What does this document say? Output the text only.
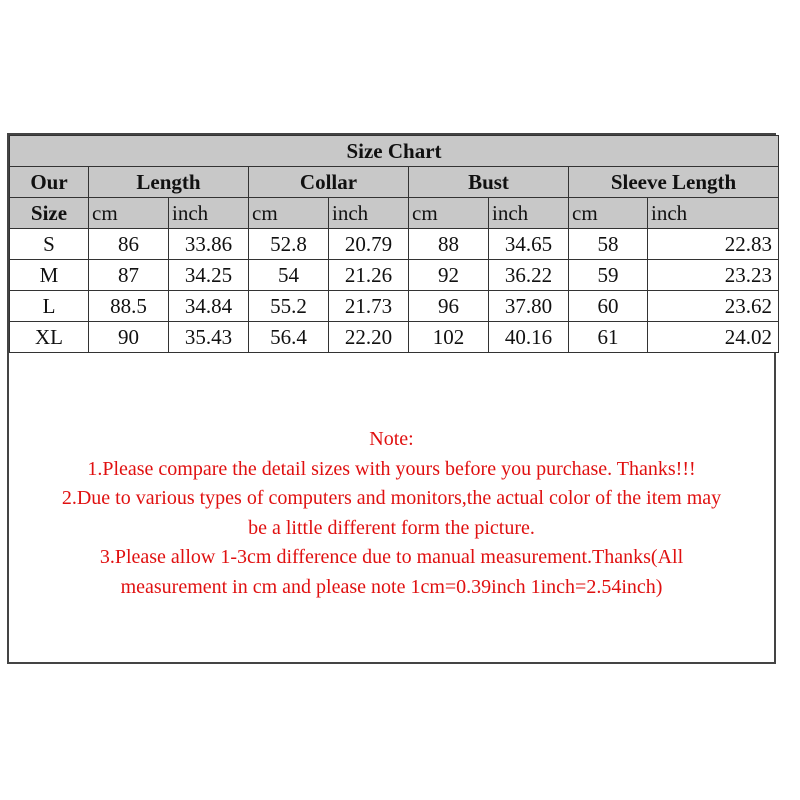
Size Chart								
Our	Length		Collar		Bust		Sleeve Length	
Size	cm	inch	cm	inch	cm	inch	cm	inch
S	86	33.86	52.8	20.79	88	34.65	58	22.83
M	87	34.25	54	21.26	92	36.22	59	23.23
L	88.5	34.84	55.2	21.73	96	37.80	60	23.62
XL	90	35.43	56.4	22.20	102	40.16	61	24.02
Note:
1.Please compare the detail sizes with yours before you purchase. Thanks!!!
2.Due to various types of computers and monitors,the actual color of the item may
be a little different form the picture.
3.Please allow 1-3cm difference due to manual measurement.Thanks(All
measurement in cm and please note 1cm=0.39inch 1inch=2.54inch)
